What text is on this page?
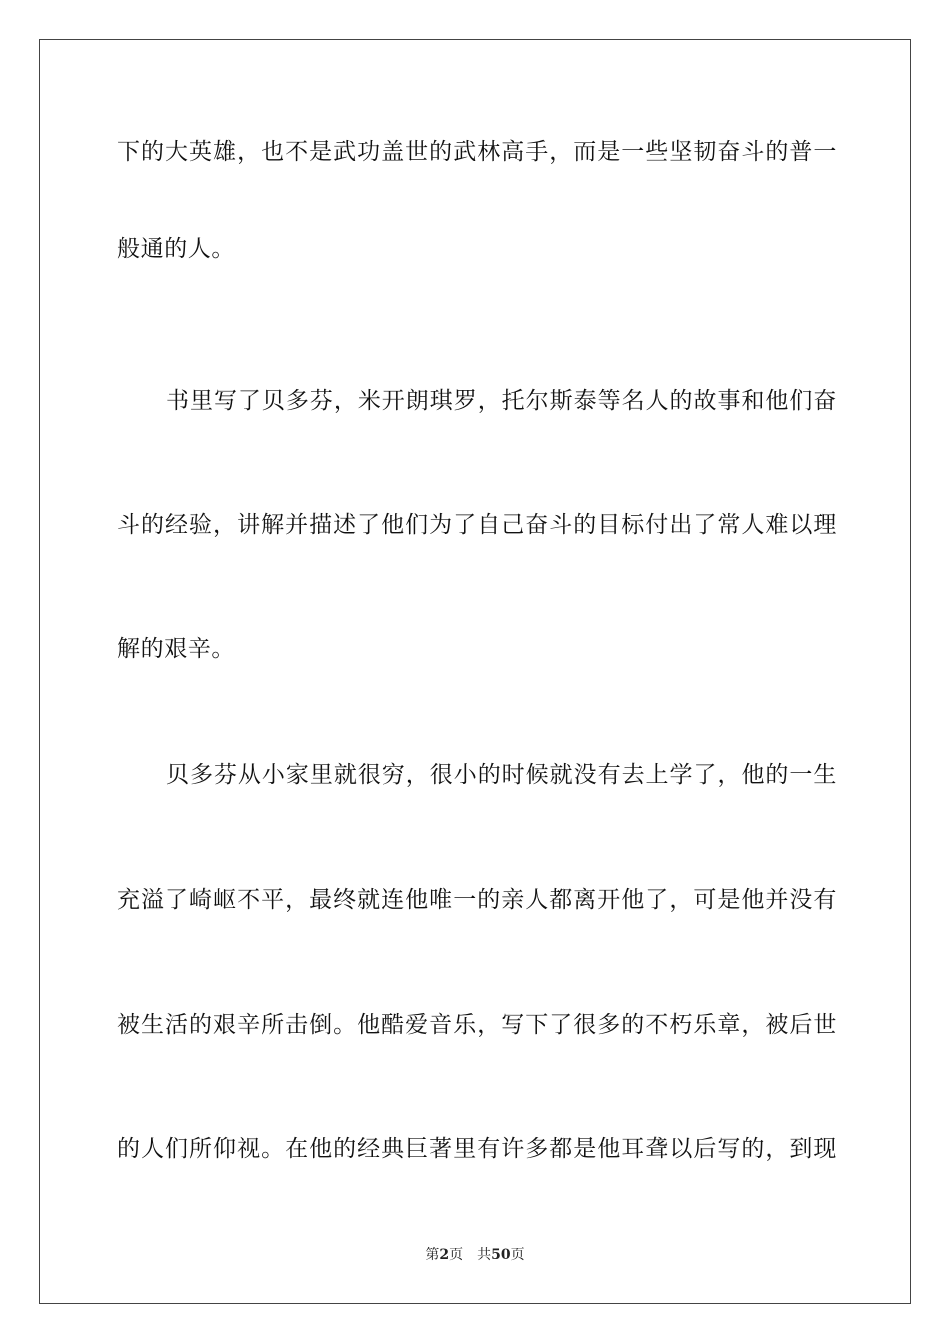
下的大英雄，也不是武功盖世的武林高手，而是一些坚韧奋斗的普一
般通的人。
书里写了贝多芬，米开朗琪罗，托尔斯泰等名人的故事和他们奋
斗的经验，讲解并描述了他们为了自己奋斗的目标付出了常人难以理
解的艰辛。
贝多芬从小家里就很穷，很小的时候就没有去上学了，他的一生
充溢了崎岖不平，最终就连他唯一的亲人都离开他了，可是他并没有
被生活的艰辛所击倒。他酷爱音乐，写下了很多的不朽乐章，被后世
的人们所仰视。在他的经典巨著里有许多都是他耳聋以后写的，到现
第2页 共50页
